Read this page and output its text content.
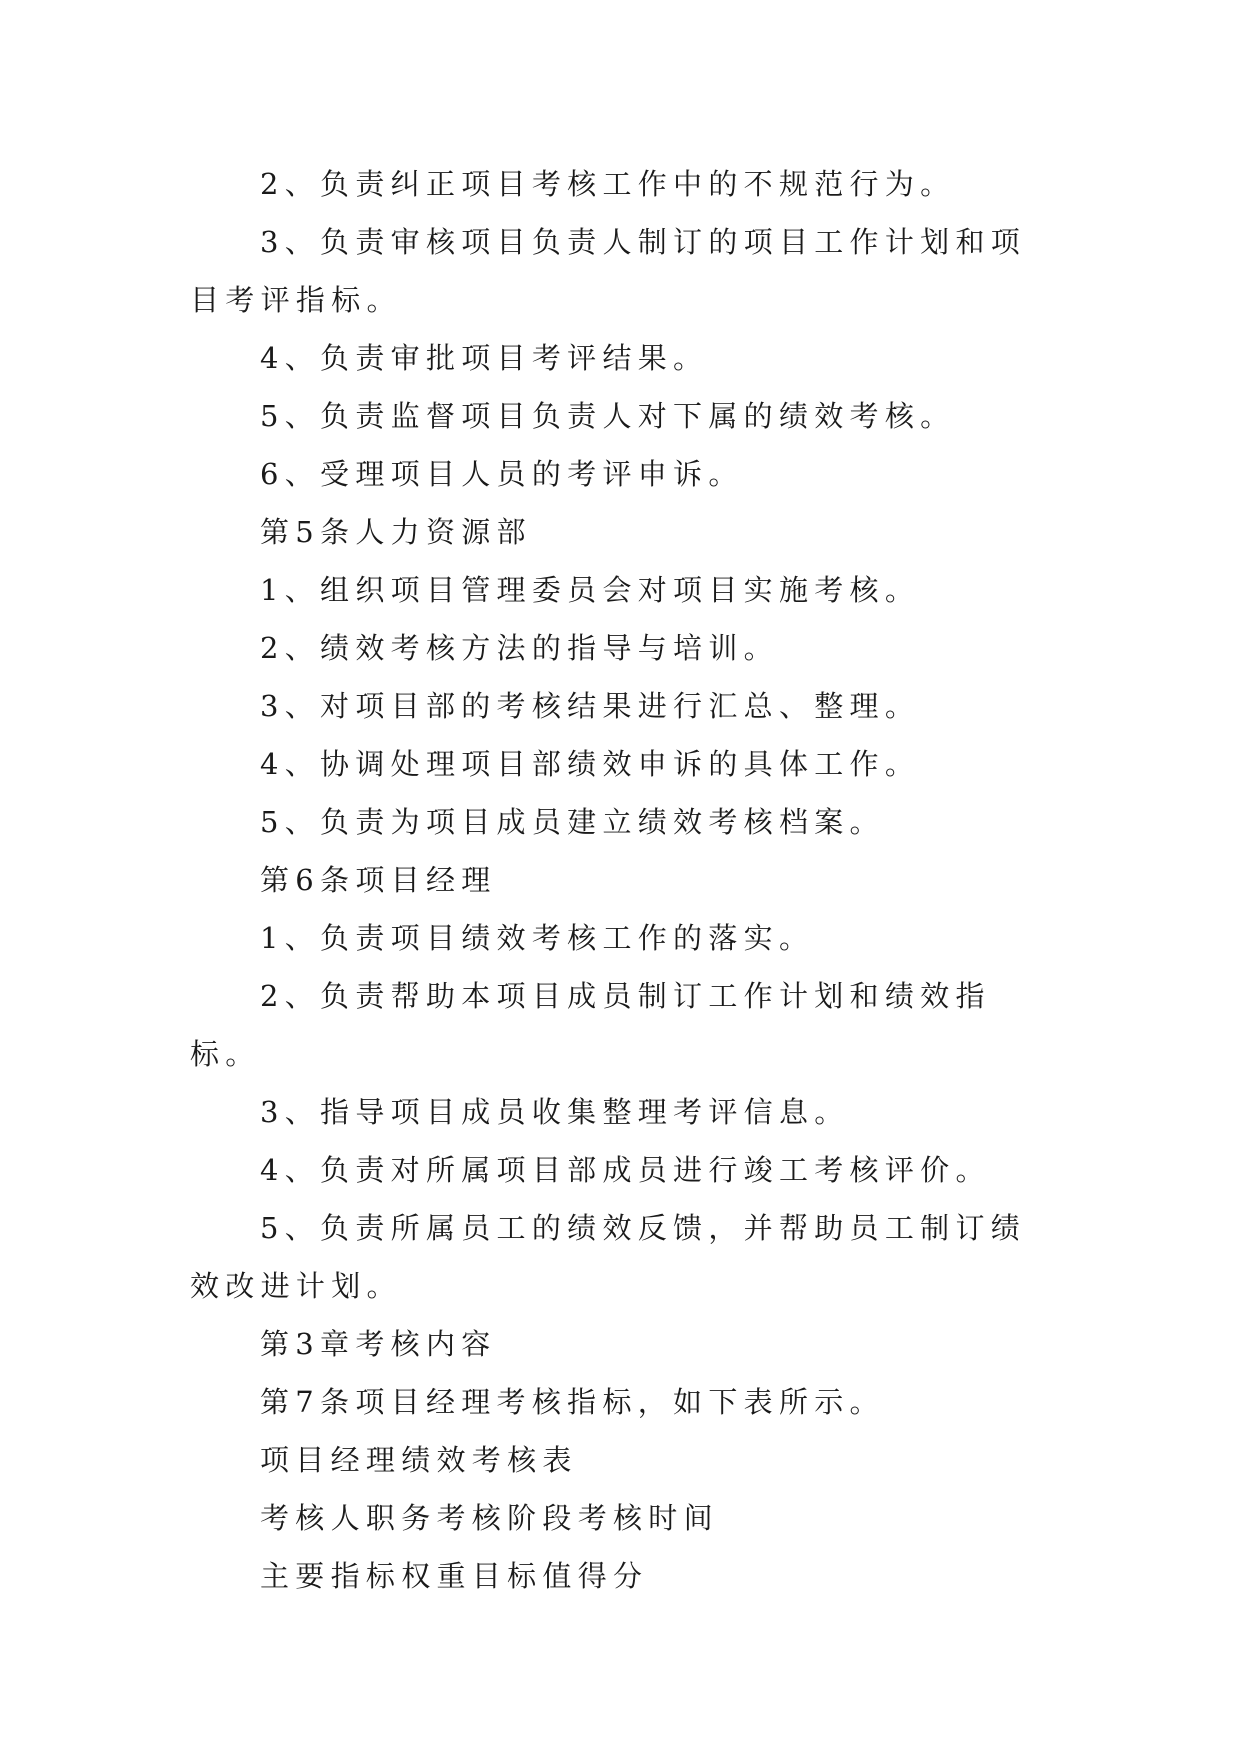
2、负责纠正项目考核工作中的不规范行为。

3、负责审核项目负责人制订的项目工作计划和项目考评指标。

4、负责审批项目考评结果。

5、负责监督项目负责人对下属的绩效考核。

6、受理项目人员的考评申诉。

第5条人力资源部

1、组织项目管理委员会对项目实施考核。

2、绩效考核方法的指导与培训。

3、对项目部的考核结果进行汇总、整理。

4、协调处理项目部绩效申诉的具体工作。

5、负责为项目成员建立绩效考核档案。

第6条项目经理

1、负责项目绩效考核工作的落实。

2、负责帮助本项目成员制订工作计划和绩效指标。

3、指导项目成员收集整理考评信息。

4、负责对所属项目部成员进行竣工考核评价。

5、负责所属员工的绩效反馈，并帮助员工制订绩效改进计划。

第3章考核内容

第7条项目经理考核指标，如下表所示。

项目经理绩效考核表

考核人职务考核阶段考核时间

主要指标权重目标值得分
